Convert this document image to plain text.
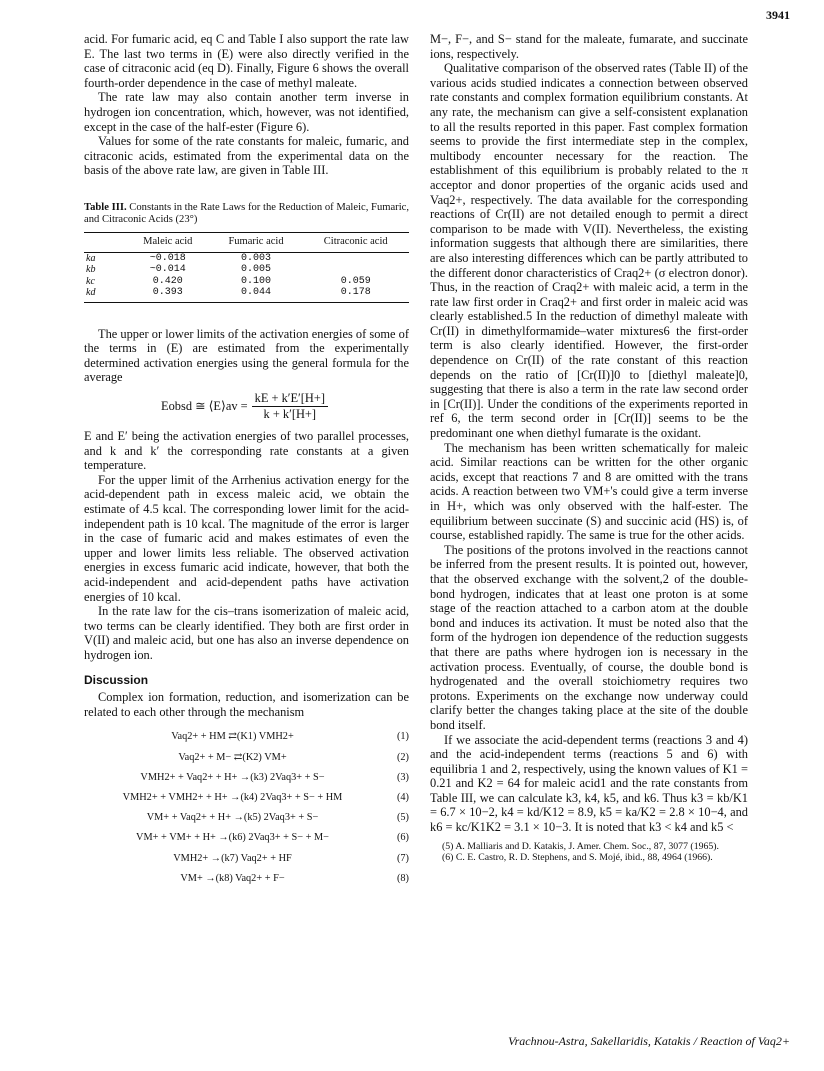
3941

acid. For fumaric acid, eq C and Table I also support the rate law E. The last two terms in (E) were also directly verified in the case of citraconic acid (eq D). Finally, Figure 6 shows the overall fourth-order dependence in the case of methyl maleate.

The rate law may also contain another term inverse in hydrogen ion concentration, which, however, was not identified, except in the case of the half-ester (Figure 6).

Values for some of the rate constants for maleic, fumaric, and citraconic acids, estimated from the experimental data on the basis of the above rate law, are given in Table III.

Table III. Constants in the Rate Laws for the Reduction of Maleic, Fumaric, and Citraconic Acids (23°)

	Maleic acid	Fumaric acid	Citraconic acid
ka	~0.018	0.003	
kb	~0.014	0.005	
kc	0.420	0.100	0.059
kd	0.393	0.044	0.178

The upper or lower limits of the activation energies of some of the terms in (E) are estimated from the experimentally determined activation energies using the general formula for the average

Eobsd ≅ ⟨E⟩av = $\frac{kE + k'E'[H+]}{k + k'[H+]}$

E and E′ being the activation energies of two parallel processes, and k and k′ the corresponding rate constants at a given temperature.

For the upper limit of the Arrhenius activation energy for the acid-dependent path in excess maleic acid, we obtain the estimate of 4.5 kcal. The corresponding lower limit for the acid-independent path is 10 kcal. The magnitude of the error is larger in the case of fumaric acid and makes estimates of even the upper and lower limits less reliable. The observed activation energies in excess fumaric acid indicate, however, that both the acid-independent and acid-dependent paths have activation energies of 10 kcal.

In the rate law for the cis–trans isomerization of maleic acid, two terms can be clearly identified. They both are first order in V(II) and maleic acid, but one has also an inverse dependence on hydrogen ion.

Discussion

Complex ion formation, reduction, and isomerization can be related to each other through the mechanism

Vaq2+ + HM ⇄(K1) VMH2+	(1)
Vaq2+ + M− ⇄(K2) VM+	(2)
VMH2+ + Vaq2+ + H+ →(k3) 2Vaq3+ + S−	(3)
VMH2+ + VMH2+ + H+ →(k4) 2Vaq3+ + S− + HM	(4)
VM+ + Vaq2+ + H+ →(k5) 2Vaq3+ + S−	(5)
VM+ + VM+ + H+ →(k6) 2Vaq3+ + S− + M−	(6)
VMH2+ →(k7) Vaq2+ + HF	(7)
VM+ →(k8) Vaq2+ + F−	(8)

M−, F−, and S− stand for the maleate, fumarate, and succinate ions, respectively.

Qualitative comparison of the observed rates (Table II) of the various acids studied indicates a connection between observed rate constants and complex formation equilibrium constants. At any rate, the mechanism can give a self-consistent explanation to all the results reported in this paper. Fast complex formation seems to provide the first intermediate step in the complex, multibody encounter necessary for the reaction. The establishment of this equilibrium is probably related to the π acceptor and donor properties of the organic acids used and Vaq2+, respectively. The data available for the corresponding reactions of Cr(II) are not detailed enough to permit a direct comparison to be made with V(II). Nevertheless, the existing information suggests that although there are similarities, there are also interesting differences which can be partly attributed to the different donor characteristics of Craq2+ (σ electron donor). Thus, in the reaction of Craq2+ with maleic acid, a term in the rate law first order in Craq2+ and first order in maleic acid was clearly established.5 In the reduction of dimethyl maleate with Cr(II) in dimethylformamide–water mixtures6 the first-order term is also clearly identified. However, the first-order dependence on Cr(II) of the rate constant of this reaction depends on the ratio of [Cr(II)]0 to [diethyl maleate]0, suggesting that there is also a term in the rate law second order in [Cr(II)]. Under the conditions of the experiments reported in ref 6, the term second order in [Cr(II)] seems to be the predominant one when diethyl fumarate is the oxidant.

The mechanism has been written schematically for maleic acid. Similar reactions can be written for the other organic acids, except that reactions 7 and 8 are omitted with the trans acids. A reaction between two VM+'s could give a term inverse in H+, which was only observed with the half-ester. The equilibrium between succinate (S) and succinic acid (HS) is, of course, established rapidly. The same is true for the other acids.

The positions of the protons involved in the reactions cannot be inferred from the present results. It is pointed out, however, that the observed exchange with the solvent,2 of the double-bond hydrogen, indicates that at least one proton is at some stage of the reaction attached to a carbon atom at the double bond and induces its activation. It must be noted also that the form of the hydrogen ion dependence of the reduction suggests that there are paths where hydrogen ion is necessary in the activation process. Eventually, of course, the double bond is hydrogenated and the overall stoichiometry requires two protons. Experiments on the exchange now underway could clarify better the changes taking place at the site of the double bond itself.

If we associate the acid-dependent terms (reactions 3 and 4) and the acid-independent terms (reactions 5 and 6) with equilibria 1 and 2, respectively, using the known values of K1 = 0.21 and K2 = 64 for maleic acid1 and the rate constants from Table III, we can calculate k3, k4, k5, and k6. Thus k3 = kb/K1 = 6.7 × 10−2, k4 = kd/K12 = 8.9, k5 = ka/K2 = 2.8 × 10−4, and k6 = kc/K1K2 = 3.1 × 10−3. It is noted that k3 < k4 and k5 <

(5) A. Malliaris and D. Katakis, J. Amer. Chem. Soc., 87, 3077 (1965).

(6) C. E. Castro, R. D. Stephens, and S. Mojé, ibid., 88, 4964 (1966).

Vrachnou-Astra, Sakellaridis, Katakis / Reaction of Vaq2+
